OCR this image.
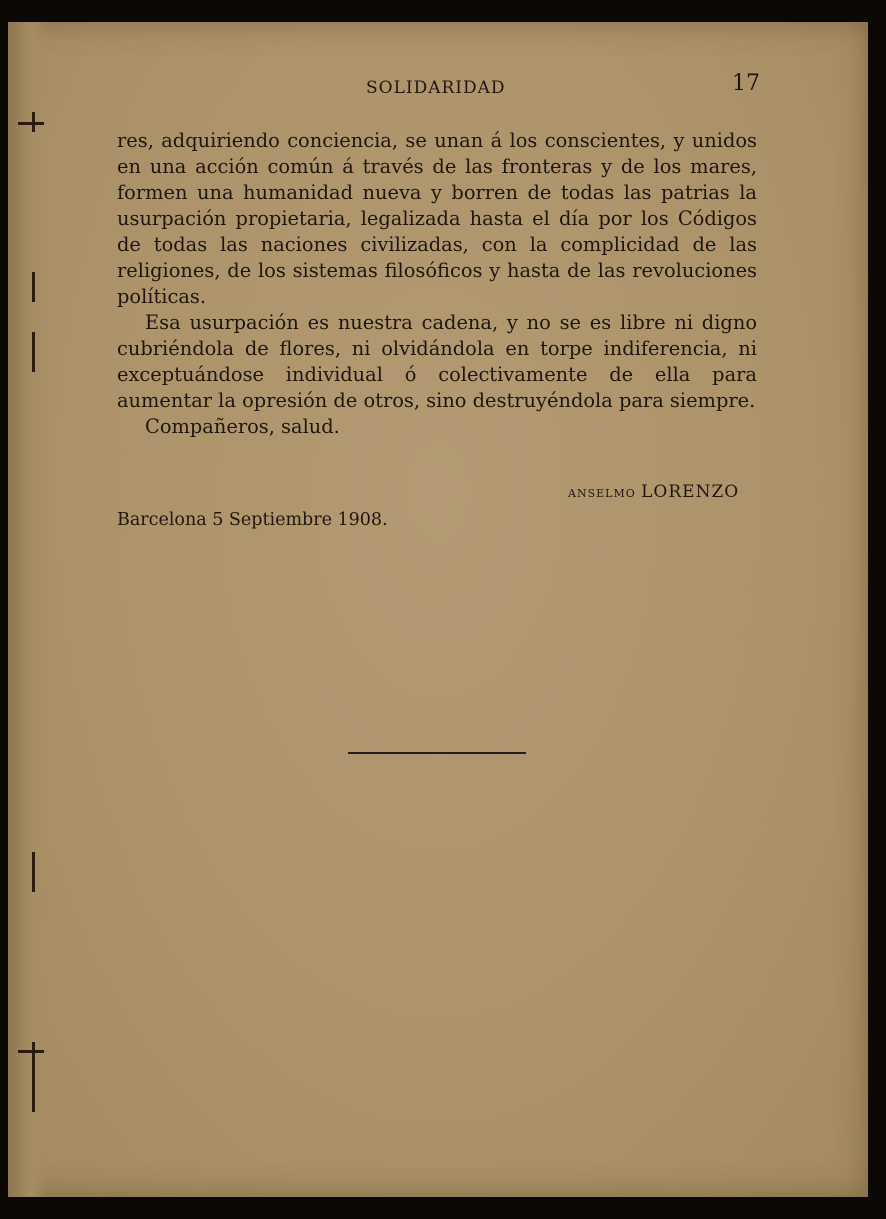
SOLIDARIDAD	17

res, adquiriendo conciencia, se unan á los conscientes, y unidos en una acción común á través de las fronteras y de los mares, formen una humanidad nueva y borren de todas las patrias la usurpación propietaria, legalizada hasta el día por los Códigos de todas las naciones civilizadas, con la complicidad de las religiones, de los sistemas filosóficos y hasta de las revoluciones políticas.

Esa usurpación es nuestra cadena, y no se es libre ni digno cubriéndola de flores, ni olvidándola en torpe indiferencia, ni exceptuándose individual ó colectivamente de ella para aumentar la opresión de otros, sino destruyéndola para siempre.

Compañeros, salud.

ANSELMO LORENZO
Barcelona 5 Septiembre 1908.
